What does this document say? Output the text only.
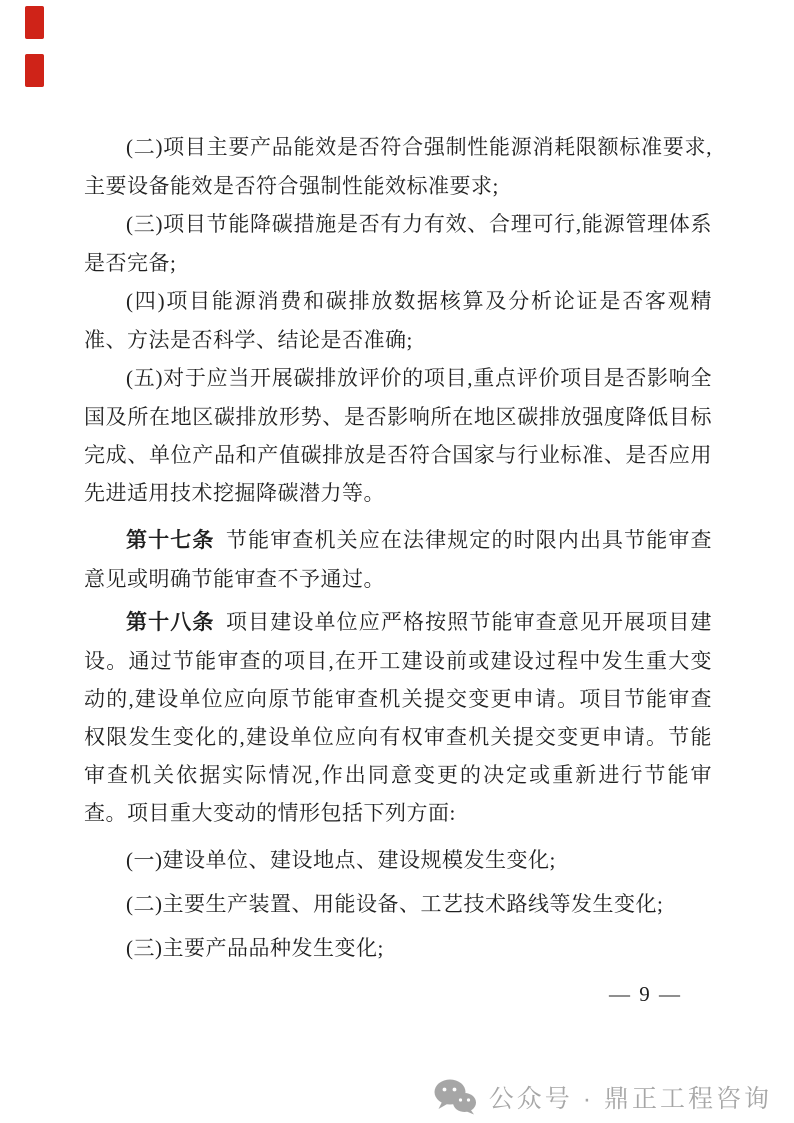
(二)项目主要产品能效是否符合强制性能源消耗限额标准要求,主要设备能效是否符合强制性能效标准要求;

(三)项目节能降碳措施是否有力有效、合理可行,能源管理体系是否完备;

(四)项目能源消费和碳排放数据核算及分析论证是否客观精准、方法是否科学、结论是否准确;

(五)对于应当开展碳排放评价的项目,重点评价项目是否影响全国及所在地区碳排放形势、是否影响所在地区碳排放强度降低目标完成、单位产品和产值碳排放是否符合国家与行业标准、是否应用先进适用技术挖掘降碳潜力等。

第十七条 节能审查机关应在法律规定的时限内出具节能审查意见或明确节能审查不予通过。

第十八条 项目建设单位应严格按照节能审查意见开展项目建设。通过节能审查的项目,在开工建设前或建设过程中发生重大变动的,建设单位应向原节能审查机关提交变更申请。项目节能审查权限发生变化的,建设单位应向有权审查机关提交变更申请。节能审查机关依据实际情况,作出同意变更的决定或重新进行节能审查。项目重大变动的情形包括下列方面:

(一)建设单位、建设地点、建设规模发生变化;

(二)主要生产装置、用能设备、工艺技术路线等发生变化;

(三)主要产品品种发生变化;

— 9 —
公众号 · 鼎正工程咨询
